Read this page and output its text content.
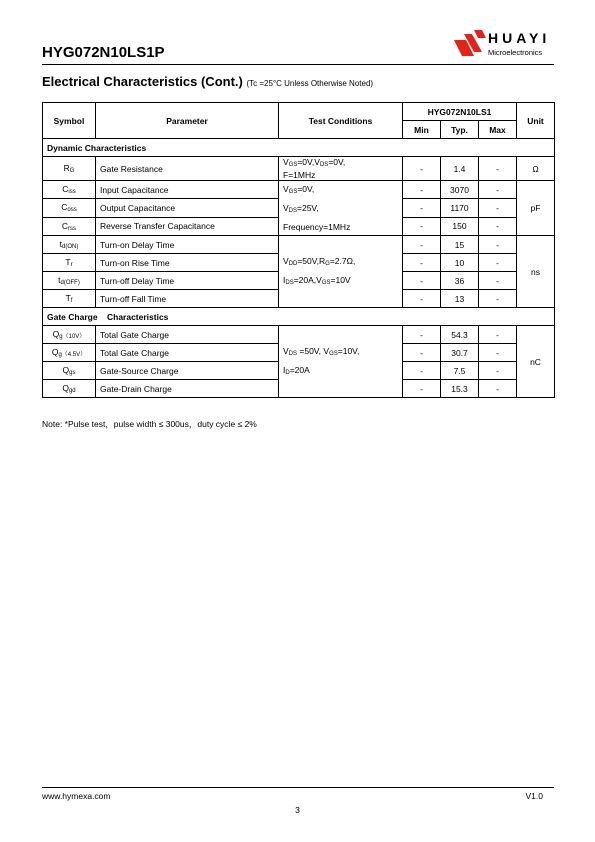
HYG072N10LS1P
HUAYI
Microelectronics
Electrical Characteristics (Cont.) (Tc =25°C Unless Otherwise Noted)
Symbol	Parameter	Test Conditions	HYG072N10LS1			Unit
			Min	Typ.	Max	
Dynamic Characteristics						
$R_G$	Gate Resistance	$V_{GS}=0V,V_{DS}=0V$,
F=1MHz	-	1.4	-	Ω
$C_{iss}$	Input Capacitance	$V_{GS}=0V$,
$V_{DS}=25V$,
Frequency=1MHz	-	3070	-	pF
$C_{oss}$	Output Capacitance		-	1170	-	
$C_{rss}$	Reverse Transfer Capacitance		-	150	-	
$t_{d(ON)}$	Turn-on Delay Time	$V_{DD}=50V,R_G=2.7\Omega$,
$I_{DS}=20A,V_{GS}=10V$	-	15	-	ns
$T_r$	Turn-on Rise Time		-	10	-	
$t_{d(OFF)}$	Turn-off Delay Time		-	36	-	
$T_f$	Turn-off Fall Time		-	13	-	
Gate Charge    Characteristics						
$Q_{g(10V)}$	Total Gate Charge	$V_{DS} =50V$, $V_{GS}=10V$,
$I_D=20A$	-	54.3	-	nC
$Q_{g(4.5V)}$	Total Gate Charge		-	30.7	-	
$Q_{gs}$	Gate-Source Charge		-	7.5	-	
$Q_{gd}$	Gate-Drain Charge		-	15.3	-	
Note: *Pulse test，pulse width ≤ 300us，duty cycle ≤ 2%
www.hymexa.com	V1.0
3
